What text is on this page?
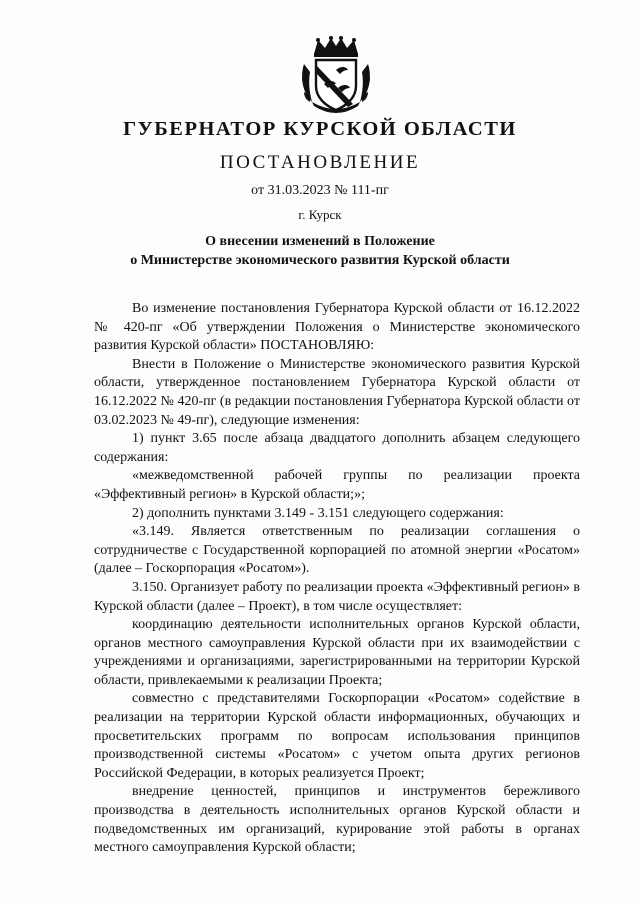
ГУБЕРНАТОР КУРСКОЙ ОБЛАСТИ
ПОСТАНОВЛЕНИЕ
от 31.03.2023 № 111-пг
г. Курск
О внесении изменений в Положение
о Министерстве экономического развития Курской области

Во изменение постановления Губернатора Курской области от 16.12.2022 № 420-пг «Об утверждении Положения о Министерстве экономического развития Курской области» ПОСТАНОВЛЯЮ:

Внести в Положение о Министерстве экономического развития Курской области, утвержденное постановлением Губернатора Курской области от 16.12.2022 № 420-пг (в редакции постановления Губернатора Курской области от 03.02.2023 № 49-пг), следующие изменения:

1) пункт 3.65 после абзаца двадцатого дополнить абзацем следующего содержания:

«межведомственной рабочей группы по реализации проекта «Эффективный регион» в Курской области;»;

2) дополнить пунктами 3.149 - 3.151 следующего содержания:

«3.149. Является ответственным по реализации соглашения о сотрудничестве с Государственной корпорацией по атомной энергии «Росатом» (далее – Госкорпорация «Росатом»).

3.150. Организует работу по реализации проекта «Эффективный регион» в Курской области (далее – Проект), в том числе осуществляет:

координацию деятельности исполнительных органов Курской области, органов местного самоуправления Курской области при их взаимодействии с учреждениями и организациями, зарегистрированными на территории Курской области, привлекаемыми к реализации Проекта;

совместно с представителями Госкорпорации «Росатом» содействие в реализации на территории Курской области информационных, обучающих и просветительских программ по вопросам использования принципов производственной системы «Росатом» с учетом опыта других регионов Российской Федерации, в которых реализуется Проект;

внедрение ценностей, принципов и инструментов бережливого производства в деятельность исполнительных органов Курской области и подведомственных им организаций, курирование этой работы в органах местного самоуправления Курской области;
